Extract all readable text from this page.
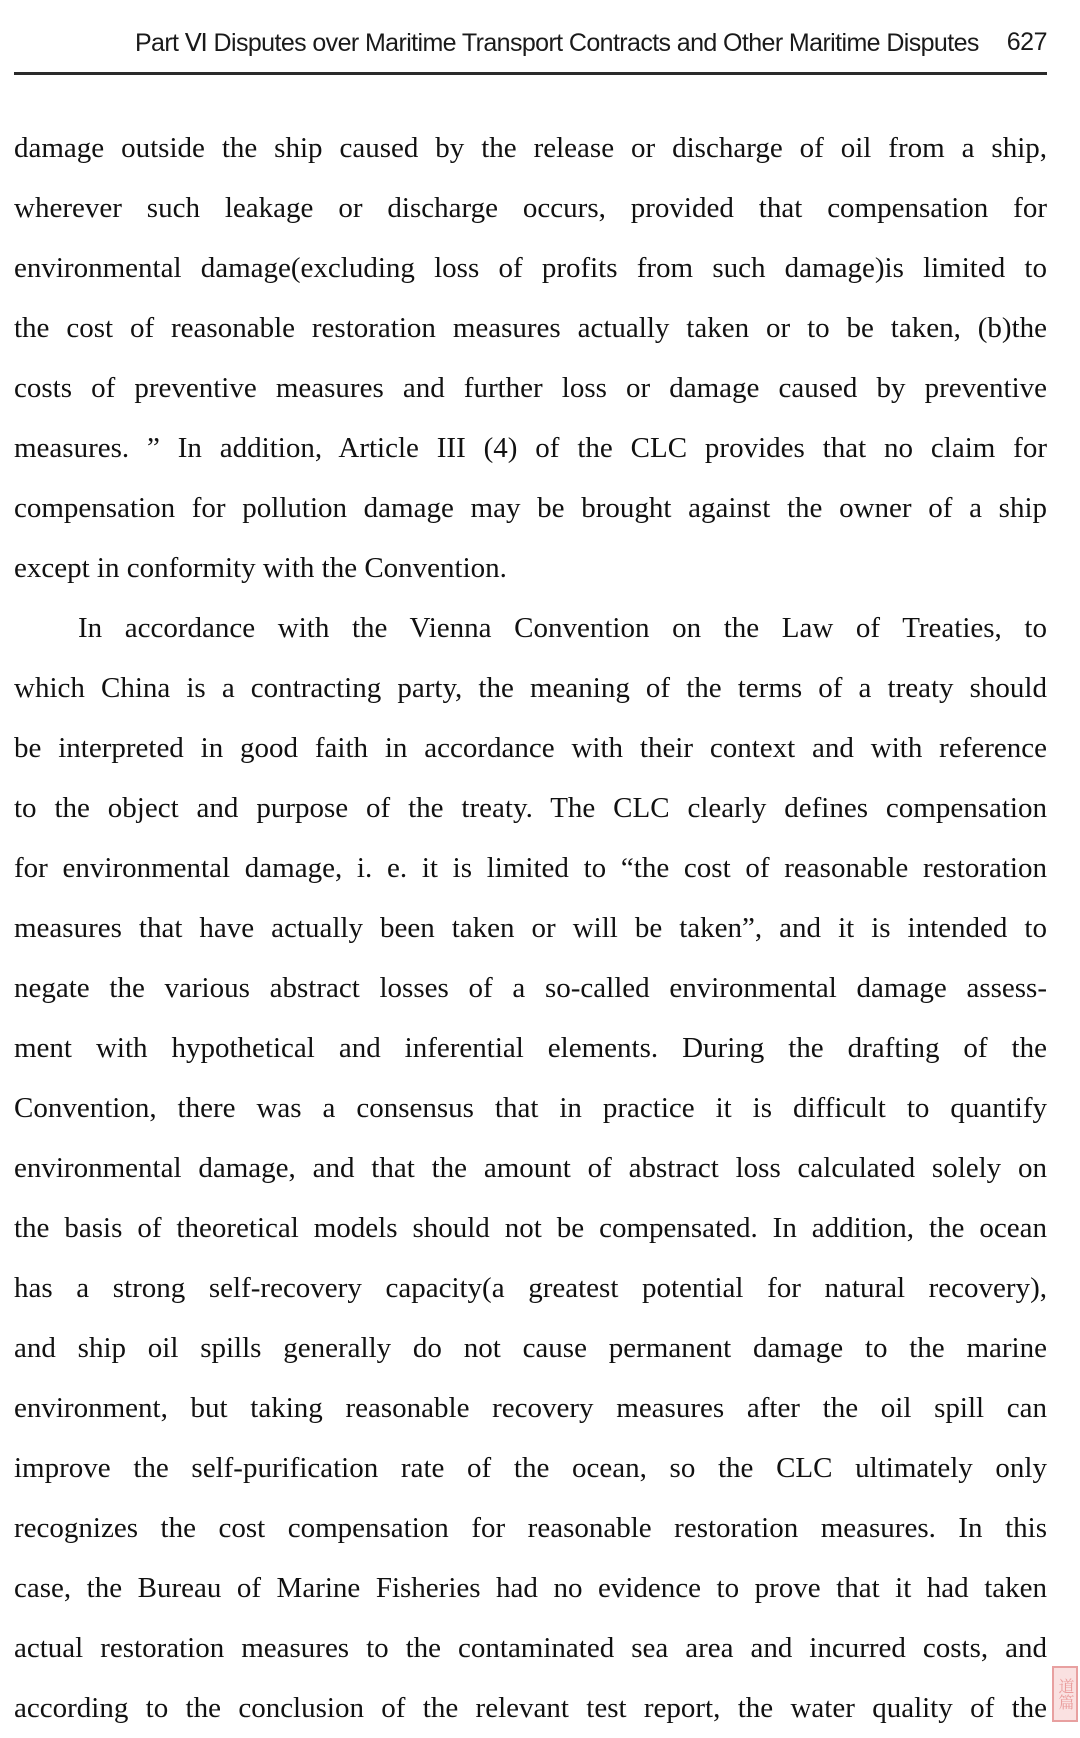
Part Ⅵ Disputes over Maritime Transport Contracts and Other Maritime Disputes 627
damage outside the ship caused by the release or discharge of oil from a ship,
wherever such leakage or discharge occurs, provided that compensation for
environmental damage(excluding loss of profits from such damage)is limited to
the cost of reasonable restoration measures actually taken or to be taken, (b)the
costs of preventive measures and further loss or damage caused by preventive
measures. ” In addition, Article III (4) of the CLC provides that no claim for
compensation for pollution damage may be brought against the owner of a ship
except in conformity with the Convention.
In accordance with the Vienna Convention on the Law of Treaties, to
which China is a contracting party, the meaning of the terms of a treaty should
be interpreted in good faith in accordance with their context and with reference
to the object and purpose of the treaty. The CLC clearly defines compensation
for environmental damage, i. e. it is limited to “the cost of reasonable restoration
measures that have actually been taken or will be taken”, and it is intended to
negate the various abstract losses of a so-called environmental damage assess-
ment with hypothetical and inferential elements. During the drafting of the
Convention, there was a consensus that in practice it is difficult to quantify
environmental damage, and that the amount of abstract loss calculated solely on
the basis of theoretical models should not be compensated. In addition, the ocean
has a strong self-recovery capacity(a greatest potential for natural recovery),
and ship oil spills generally do not cause permanent damage to the marine
environment, but taking reasonable recovery measures after the oil spill can
improve the self-purification rate of the ocean, so the CLC ultimately only
recognizes the cost compensation for reasonable restoration measures. In this
case, the Bureau of Marine Fisheries had no evidence to prove that it had taken
actual restoration measures to the contaminated sea area and incurred costs, and
according to the conclusion of the relevant test report, the water quality of the 道篇
